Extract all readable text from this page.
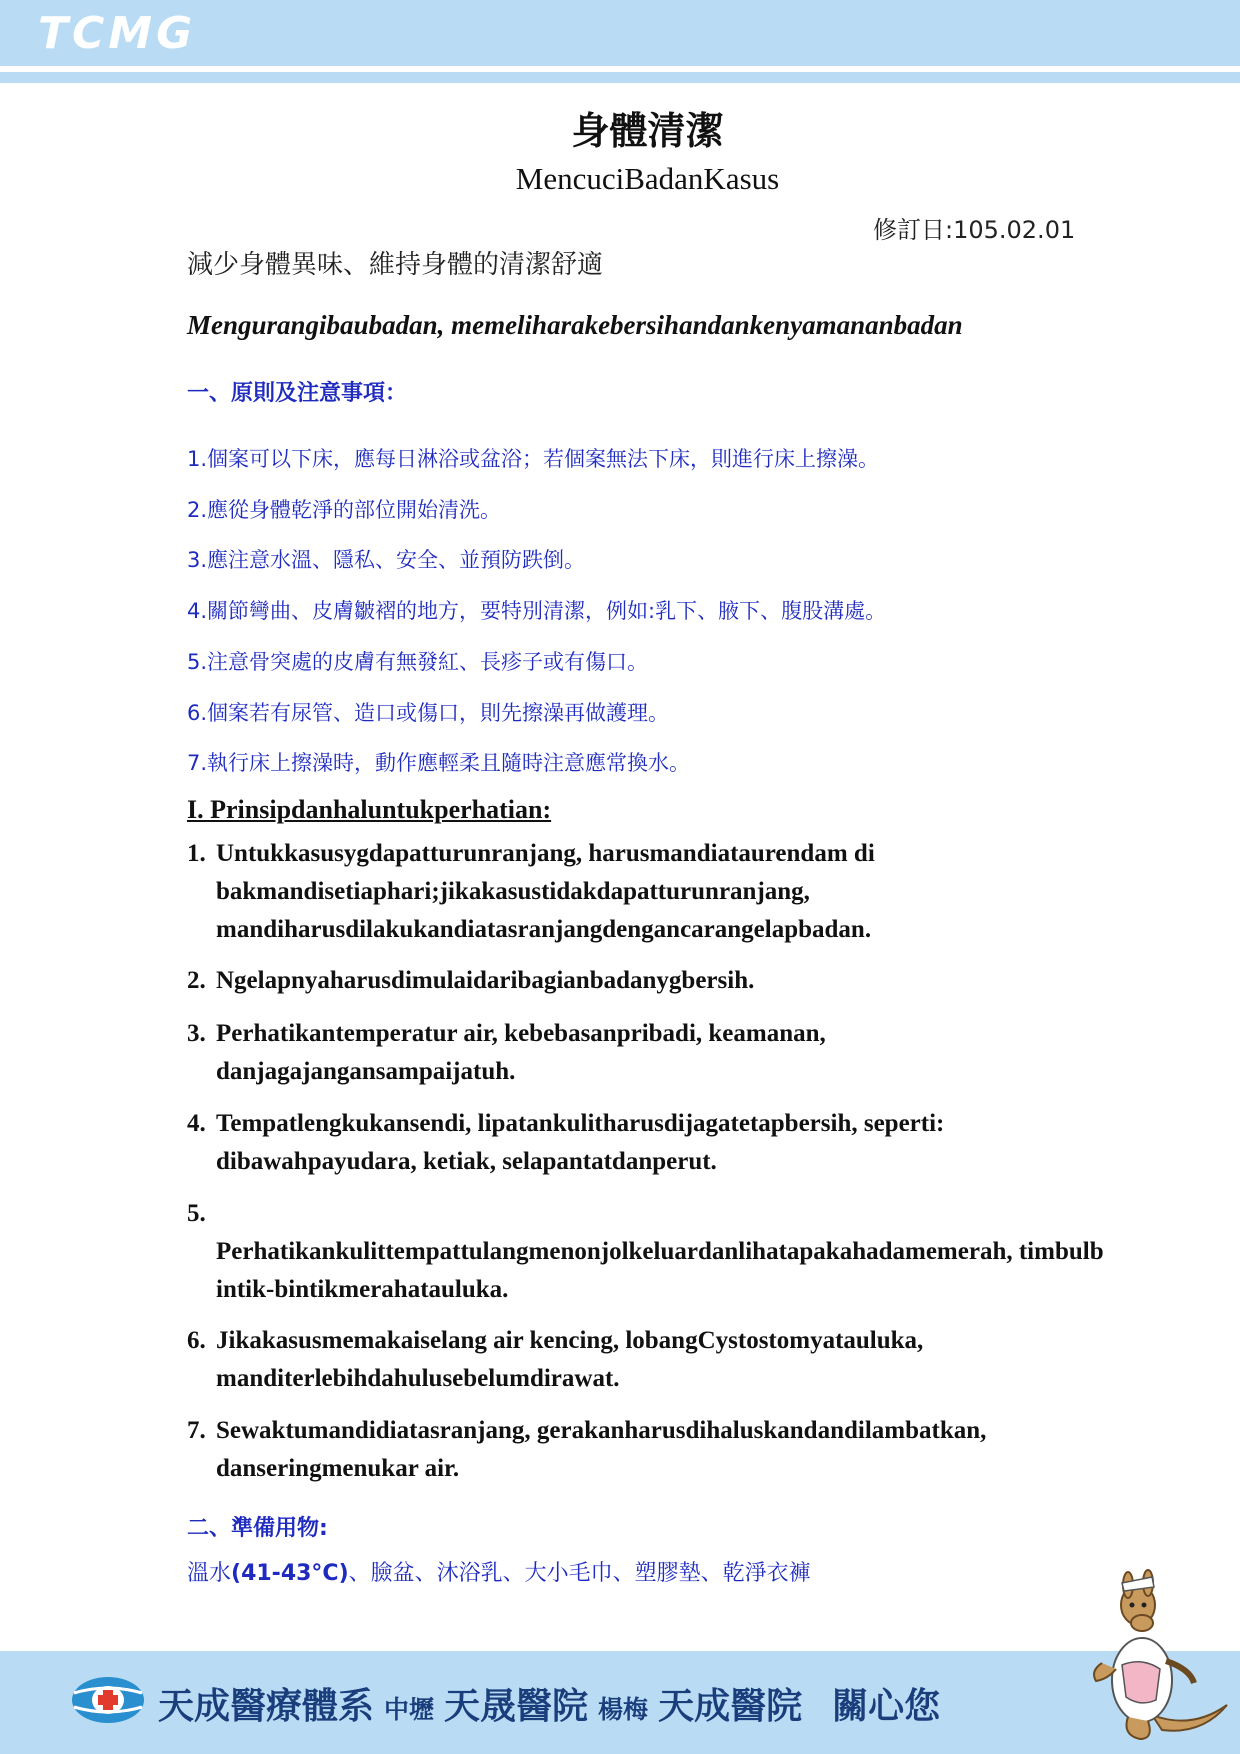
TCMG
身體清潔
MencuciBadanKasus
修訂日:105.02.01
減少身體異味、維持身體的清潔舒適
Mengurangibaubadan, memeliharakebersihandankenyamananbadan
一、原則及注意事項：
1.個案可以下床，應每日淋浴或盆浴；若個案無法下床，則進行床上擦澡。
2.應從身體乾淨的部位開始清洗。
3.應注意水溫、隱私、安全、並預防跌倒。
4.關節彎曲、皮膚皺褶的地方，要特別清潔，例如:乳下、腋下、腹股溝處。
5.注意骨突處的皮膚有無發紅、長疹子或有傷口。
6.個案若有尿管、造口或傷口，則先擦澡再做護理。
7.執行床上擦澡時，動作應輕柔且隨時注意應常換水。
I. Prinsipdanhaluntukperhatian:
1. Untukkasusygdapatturunranjang, harusmandiataurendam di bakmandisetiaphari;jikakasustidakdapatturunranjang, mandiharusdilakukandiatasranjangdengancarangelapbadan.
2. Ngelapnyaharusdimulaidaribagianbadanygbersih.
3. Perhatikantemperatur air, kebebasanpribadi, keamanan, danjagajangansampaijatuh.
4. Tempatlengkukansendi, lipatankulitharusdijagatetapbersih, seperti: dibawahpayudara, ketiak, selapantatdanperut.
5.
Perhatikankulittempattulangmenonjolkeluardanlihatapakahadamemerah, timbulbintik-bintikmerahatauluka.
6. Jikakasusmemakaiselang air kencing, lobangCystostomyatauluka, manditerlebihdahulusebelumdirawat.
7. Sewaktumandidiatasranjang, gerakanharusdihaluskandandilambatkan, danseringmenukar air.
二、準備用物:
溫水(41-43°C)、臉盆、沐浴乳、大小毛巾、塑膠墊、乾淨衣褲
天成醫療體系 中壢 天晟醫院 楊梅 天成醫院 關心您
